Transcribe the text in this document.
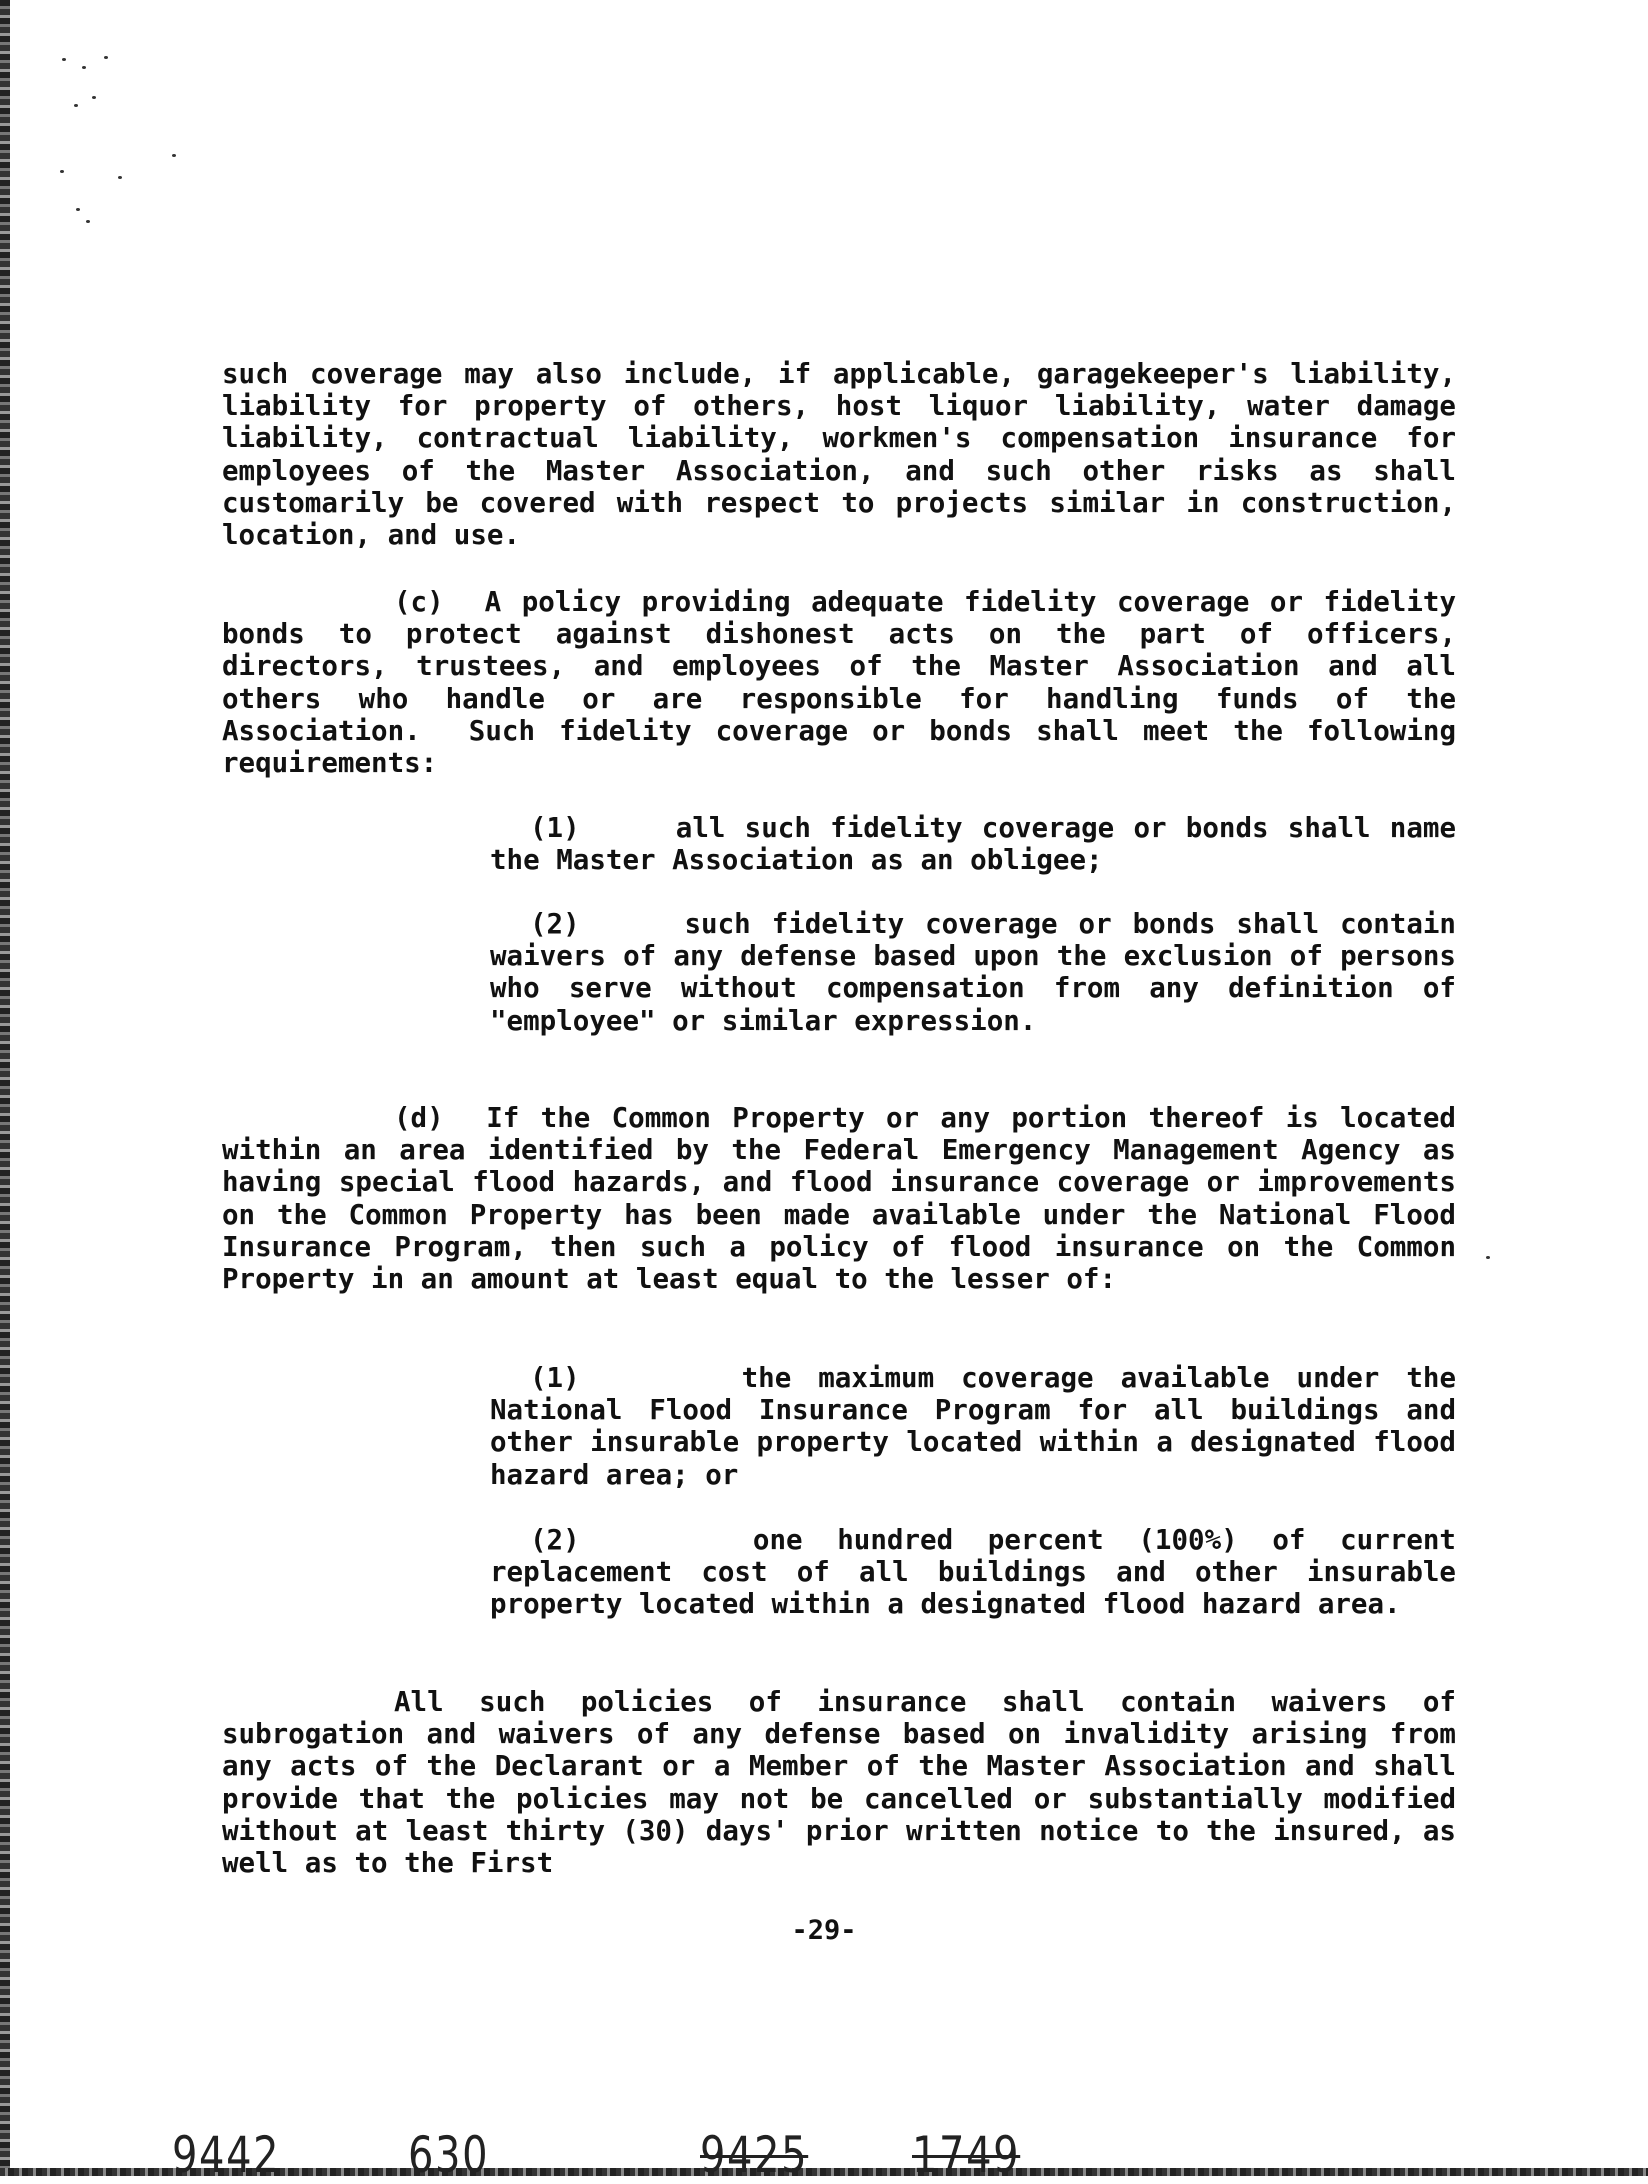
such coverage may also include, if applicable, garagekeeper's liability, liability for property of others, host liquor liability, water damage liability, contractual liability, workmen's compensation insurance for employees of the Master Association, and such other risks as shall customarily be covered with respect to projects similar in construction, location, and use.

(c)  A policy providing adequate fidelity coverage or fidelity bonds to protect against dishonest acts on the part of officers, directors, trustees, and employees of the Master Association and all others who handle or are responsible for handling funds of the Association.  Such fidelity coverage or bonds shall meet the following requirements:

(1)     all such fidelity coverage or bonds shall name the Master Association as an obligee;

(2)     such fidelity coverage or bonds shall contain waivers of any defense based upon the exclusion of persons who serve without compensation from any definition of "employee" or similar expression.

(d)  If the Common Property or any portion thereof is located within an area identified by the Federal Emergency Management Agency as having special flood hazards, and flood insurance coverage or improvements on the Common Property has been made available under the National Flood Insurance Program, then such a policy of flood insurance on the Common Property in an amount at least equal to the lesser of:

(1)      the maximum coverage available under the National Flood Insurance Program for all buildings and other insurable property located within a designated flood hazard area; or

(2)     one hundred percent (100%) of current replacement cost of all buildings and other insurable property located within a designated flood hazard area.

All such policies of insurance shall contain waivers of subrogation and waivers of any defense based on invalidity arising from any acts of the Declarant or a Member of the Master Association and shall provide that the policies may not be cancelled or substantially modified without at least thirty (30) days' prior written notice to the insured, as well as to the First

-29-
9442	630	9425 1749
